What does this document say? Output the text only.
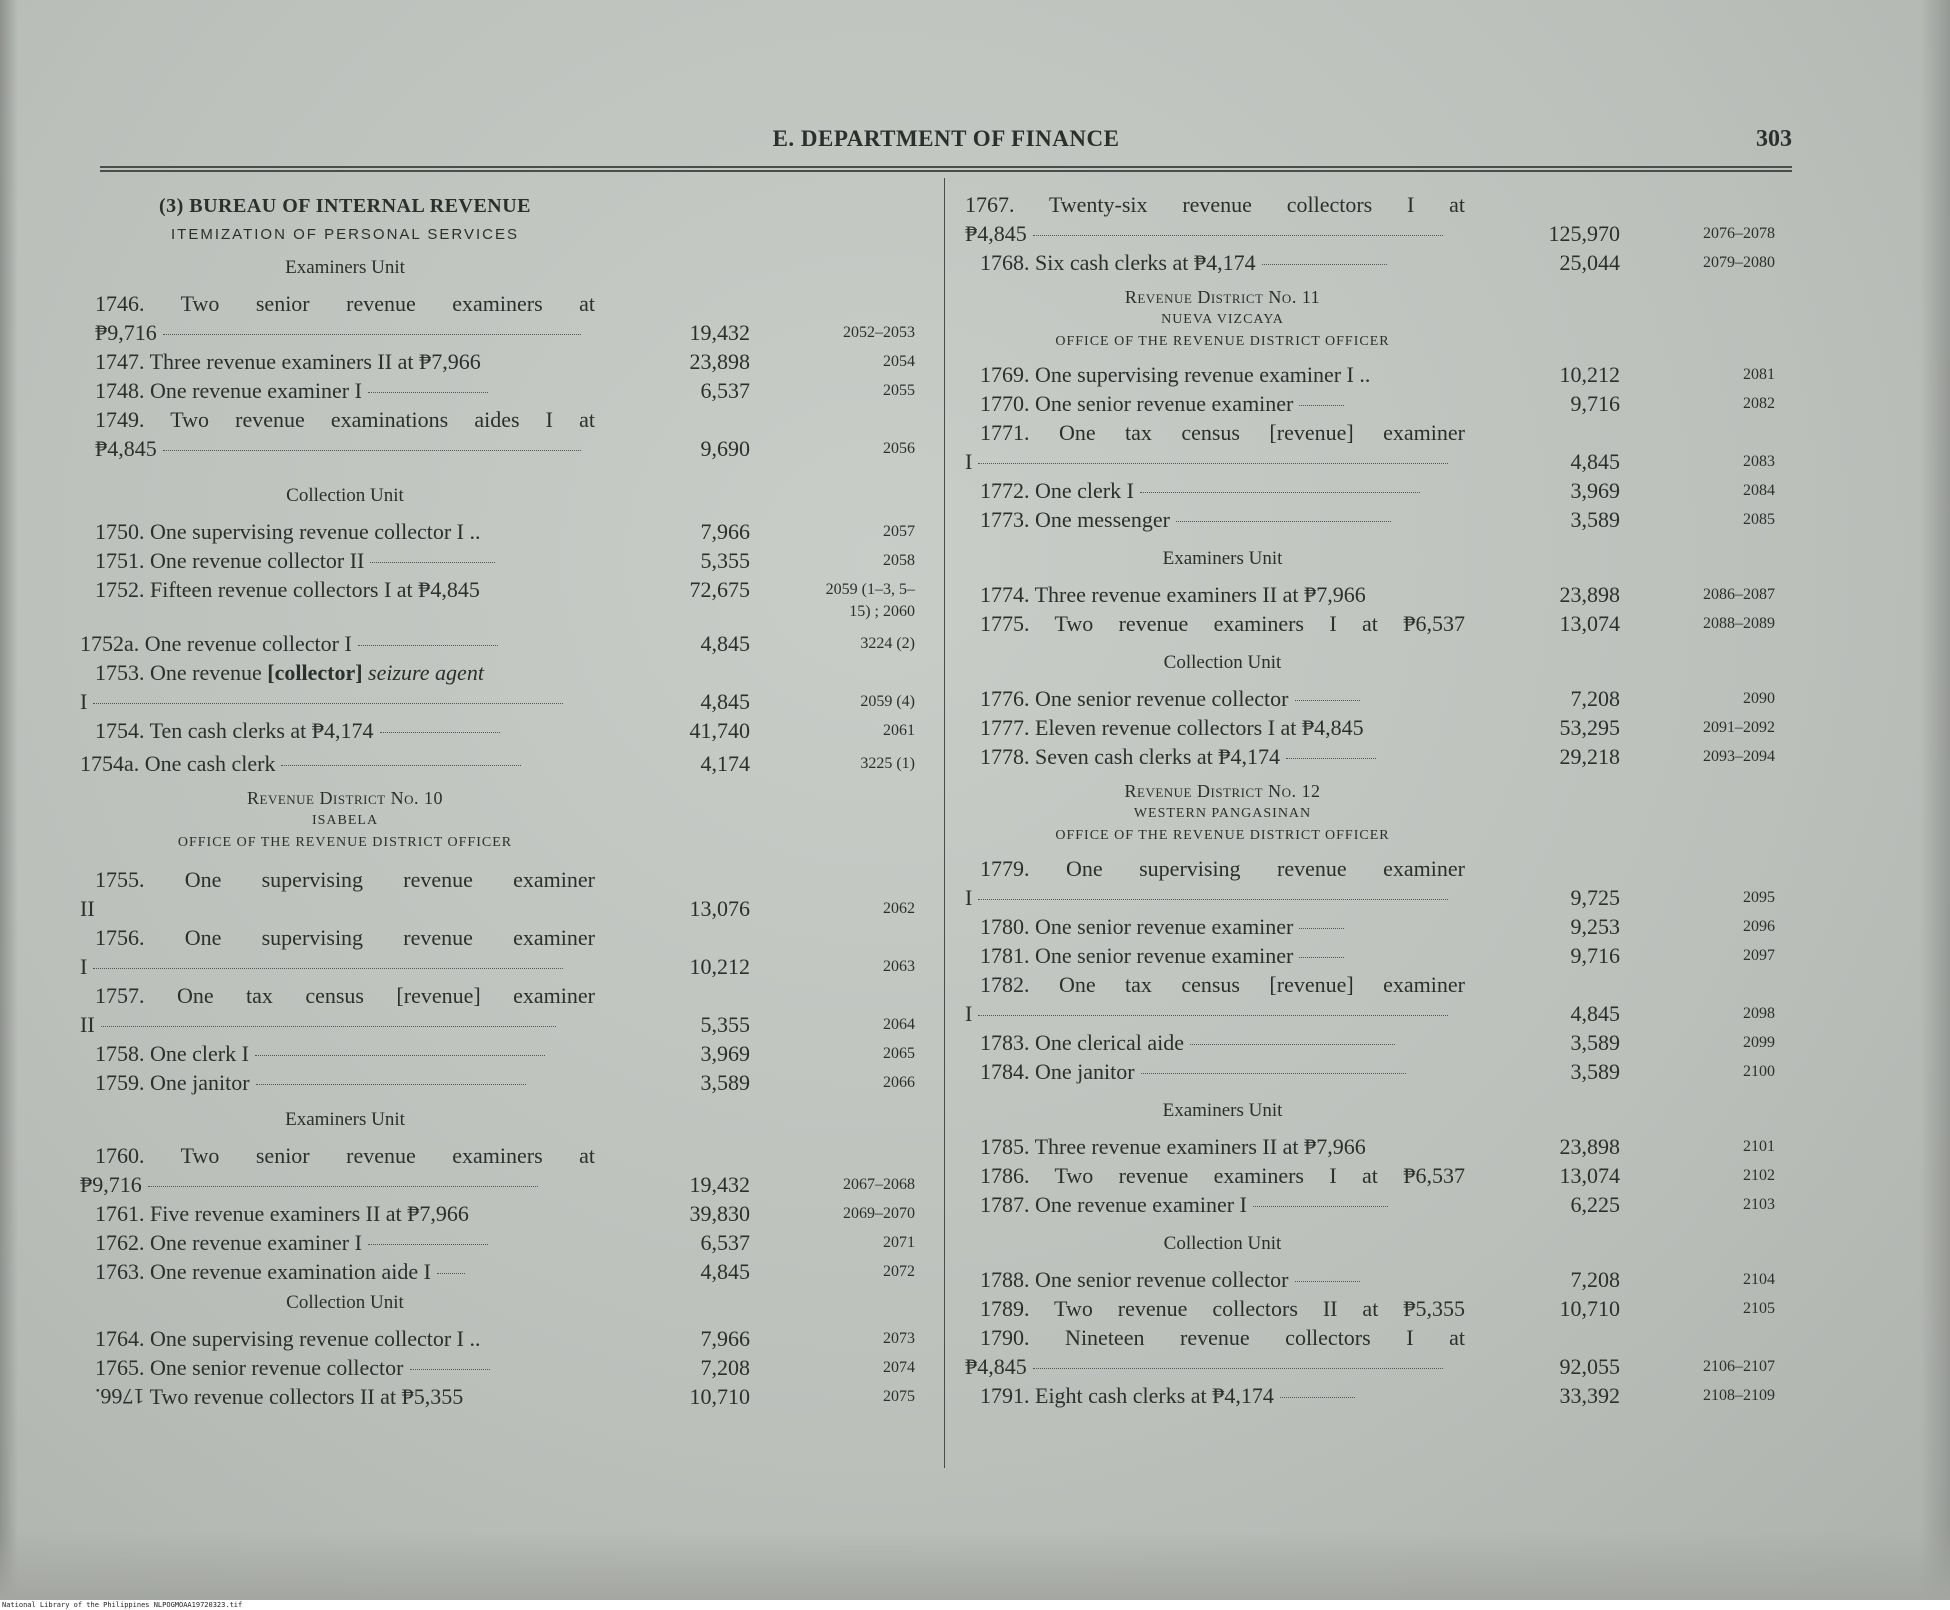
E. DEPARTMENT OF FINANCE	303
(3) BUREAU OF INTERNAL REVENUE
ITEMIZATION OF PERSONAL SERVICES
Examiners Unit
1746. Two senior revenue examiners at
₱9,716	19,432	2052–2053
1747. Three revenue examiners II at ₱7,966	23,898	2054
1748. One revenue examiner I	6,537	2055
1749. Two revenue examinations aides I at
₱4,845	9,690	2056
Collection Unit
1750. One supervising revenue collector I ..	7,966	2057
1751. One revenue collector II	5,355	2058
1752. Fifteen revenue collectors I at ₱4,845	72,675	2059 (1–3, 5–
15) ; 2060
1752a. One revenue collector I	4,845	3224 (2)
1753. One revenue [collector] seizure agent
I	4,845	2059 (4)
1754. Ten cash clerks at ₱4,174	41,740	2061
1754a. One cash clerk	4,174	3225 (1)
Revenue District No. 10
ISABELA
OFFICE OF THE REVENUE DISTRICT OFFICER
1755. One supervising revenue examiner
II	13,076	2062
1756. One supervising revenue examiner
I	10,212	2063
1757. One tax census [revenue] examiner
II	5,355	2064
1758. One clerk I	3,969	2065
1759. One janitor	3,589	2066
Examiners Unit
1760. Two senior revenue examiners at
₱9,716	19,432	2067–2068
1761. Five revenue examiners II at ₱7,966	39,830	2069–2070
1762. One revenue examiner I	6,537	2071
1763. One revenue examination aide I	4,845	2072
Collection Unit
1764. One supervising revenue collector I ..	7,966	2073
1765. One senior revenue collector	7,208	2074
1766. Two revenue collectors II at ₱5,355	10,710	2075
1767. Twenty-six revenue collectors I at
₱4,845	125,970	2076–2078
1768. Six cash clerks at ₱4,174	25,044	2079–2080
Revenue District No. 11
NUEVA VIZCAYA
OFFICE OF THE REVENUE DISTRICT OFFICER
1769. One supervising revenue examiner I ..	10,212	2081
1770. One senior revenue examiner	9,716	2082
1771. One tax census [revenue] examiner
I	4,845	2083
1772. One clerk I	3,969	2084
1773. One messenger	3,589	2085
Examiners Unit
1774. Three revenue examiners II at ₱7,966	23,898	2086–2087
1775. Two revenue examiners I at ₱6,537	13,074	2088–2089
Collection Unit
1776. One senior revenue collector	7,208	2090
1777. Eleven revenue collectors I at ₱4,845	53,295	2091–2092
1778. Seven cash clerks at ₱4,174	29,218	2093–2094
Revenue District No. 12
WESTERN PANGASINAN
OFFICE OF THE REVENUE DISTRICT OFFICER
1779. One supervising revenue examiner
I	9,725	2095
1780. One senior revenue examiner	9,253	2096
1781. One senior revenue examiner	9,716	2097
1782. One tax census [revenue] examiner
I	4,845	2098
1783. One clerical aide	3,589	2099
1784. One janitor	3,589	2100
Examiners Unit
1785. Three revenue examiners II at ₱7,966	23,898	2101
1786. Two revenue examiners I at ₱6,537	13,074	2102
1787. One revenue examiner I	6,225	2103
Collection Unit
1788. One senior revenue collector	7,208	2104
1789. Two revenue collectors II at ₱5,355	10,710	2105
1790. Nineteen revenue collectors I at
₱4,845	92,055	2106–2107
1791. Eight cash clerks at ₱4,174	33,392	2108–2109
National Library of the Philippines NLPOGMOAA19720323.tif
